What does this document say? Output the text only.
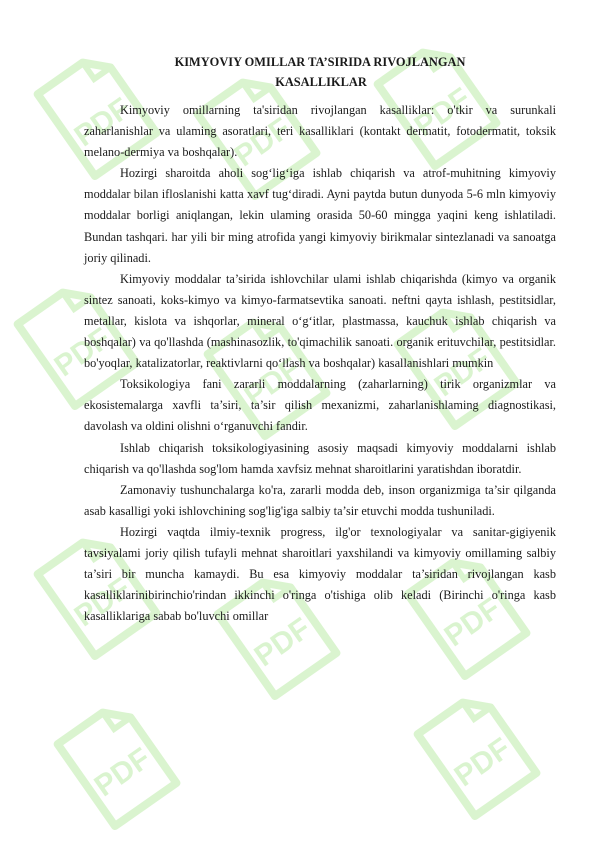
PDF	PDF	PDF
PDF	PDF	PDF
PDF
PDF	PDF
PDF	PDF
KIMYOVIY OMILLAR TA’SIRIDA RIVOJLANGAN
KASALLIKLAR

Kimyoviy omillarning ta'siridan rivojlangan kasalliklar: o'tkir va surunkali zaharlanishlar va ulaming asoratlari, teri kasalliklari (kontakt dermatit, fotodermatit, toksik melano-dermiya va boshqalar).

Hozirgi sharoitda aholi sog‘lig‘iga ishlab chiqarish va atrof-muhitning kimyoviy moddalar bilan ifloslanishi katta xavf tug‘diradi. Ayni paytda butun dunyoda 5-6 mln kimyoviy moddalar borligi aniqlangan, lekin ulaming orasida 50-60 mingga yaqini keng ishlatiladi. Bundan tashqari. har yili bir ming atrofida yangi kimyoviy birikmalar sintezlanadi va sanoatga joriy qilinadi.

Kimyoviy moddalar ta’sirida ishlovchilar ulami ishlab chiqarishda (kimyo va organik sintez sanoati, koks-kimyo va kimyo-farmatsevtika sanoati. neftni qayta ishlash, pestitsidlar, metallar, kislota va ishqorlar, mineral o‘g‘itlar, plastmassa, kauchuk ishlab chiqarish va boshqalar) va qo'llashda (mashinasozlik, to'qimachilik sanoati. organik erituvchilar, pestitsidlar. bo'yoqlar, katalizatorlar, reaktivlarni qo‘llash va boshqalar) kasallanishlari mumkin

Toksikologiya fani zararli moddalarning (zaharlarning) tirik organizmlar va ekosistemalarga xavfli ta’siri, ta’sir qilish mexanizmi, zaharlanishlaming diagnostikasi, davolash va oldini olishni o‘rganuvchi fandir.

Ishlab chiqarish toksikologiyasining asosiy maqsadi kimyoviy moddalarni ishlab chiqarish va qo'llashda sog'lom hamda xavfsiz mehnat sharoitlarini yaratishdan iboratdir.

Zamonaviy tushunchalarga ko'ra, zararli modda deb, inson organizmiga ta’sir qilganda asab kasalligi yoki ishlovchining sog'lig'iga salbiy ta’sir etuvchi modda tushuniladi.

Hozirgi vaqtda ilmiy-texnik progress, ilg'or texnologiyalar va sanitar-gigiyenik tavsiyalami joriy qilish tufayli mehnat sharoitlari yaxshilandi va kimyoviy omillaming salbiy ta’siri bir muncha kamaydi. Bu esa kimyoviy moddalar ta’siridan rivojlangan kasb kasalliklarinibirinchio'rindan ikkinchi o'ringa o'tishiga olib keladi (Birinchi o'ringa kasb kasalliklariga sabab bo'luvchi omillar
